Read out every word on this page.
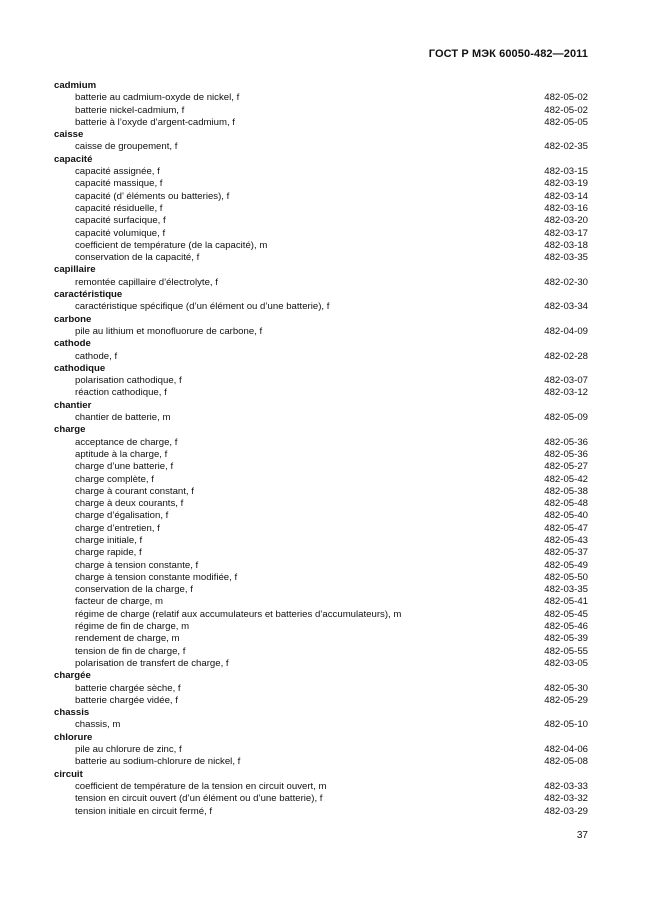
ГОСТ Р МЭК 60050-482—2011
cadmium
batterie au cadmium-oxyde de nickel, f	482-05-02
batterie nickel-cadmium, f	482-05-02
batterie à l’oxyde d’argent-cadmium, f	482-05-05
caisse
caisse de groupement, f	482-02-35
capacité
capacité assignée, f	482-03-15
capacité massique, f	482-03-19
capacité (d’ éléments ou batteries), f	482-03-14
capacité résiduelle, f	482-03-16
capacité surfacique, f	482-03-20
capacité volumique, f	482-03-17
coefficient de température (de la capacité), m	482-03-18
conservation de la capacité, f	482-03-35
capillaire
remontée capillaire d’électrolyte, f	482-02-30
caractéristique
caractéristique spécifique (d’un élément ou d’une batterie), f	482-03-34
carbone
pile au lithium et monofluorure de carbone, f	482-04-09
cathode
cathode, f	482-02-28
cathodique
polarisation cathodique, f	482-03-07
réaction cathodique, f	482-03-12
chantier
chantier de batterie, m	482-05-09
charge
acceptance de charge, f	482-05-36
aptitude à la charge, f	482-05-36
charge d’une batterie, f	482-05-27
charge complète, f	482-05-42
charge à courant constant, f	482-05-38
charge à deux courants, f	482-05-48
charge d’égalisation, f	482-05-40
charge d’entretien, f	482-05-47
charge initiale, f	482-05-43
charge rapide, f	482-05-37
charge à tension constante, f	482-05-49
charge à tension constante modifiée, f	482-05-50
conservation de la charge, f	482-03-35
facteur de charge, m	482-05-41
régime de charge (relatif aux accumulateurs et batteries d’accumulateurs), m	482-05-45
régime de fin de charge, m	482-05-46
rendement de charge, m	482-05-39
tension de fin de charge, f	482-05-55
polarisation de transfert de charge, f	482-03-05
chargée
batterie chargée sèche, f	482-05-30
batterie chargée vidée, f	482-05-29
chassis
chassis, m	482-05-10
chlorure
pile au chlorure de zinc, f	482-04-06
batterie au sodium-chlorure de nickel, f	482-05-08
circuit
coefficient de température de la tension en circuit ouvert, m	482-03-33
tension en circuit ouvert (d’un élément ou d’une batterie), f	482-03-32
tension initiale en circuit fermé, f	482-03-29
37
